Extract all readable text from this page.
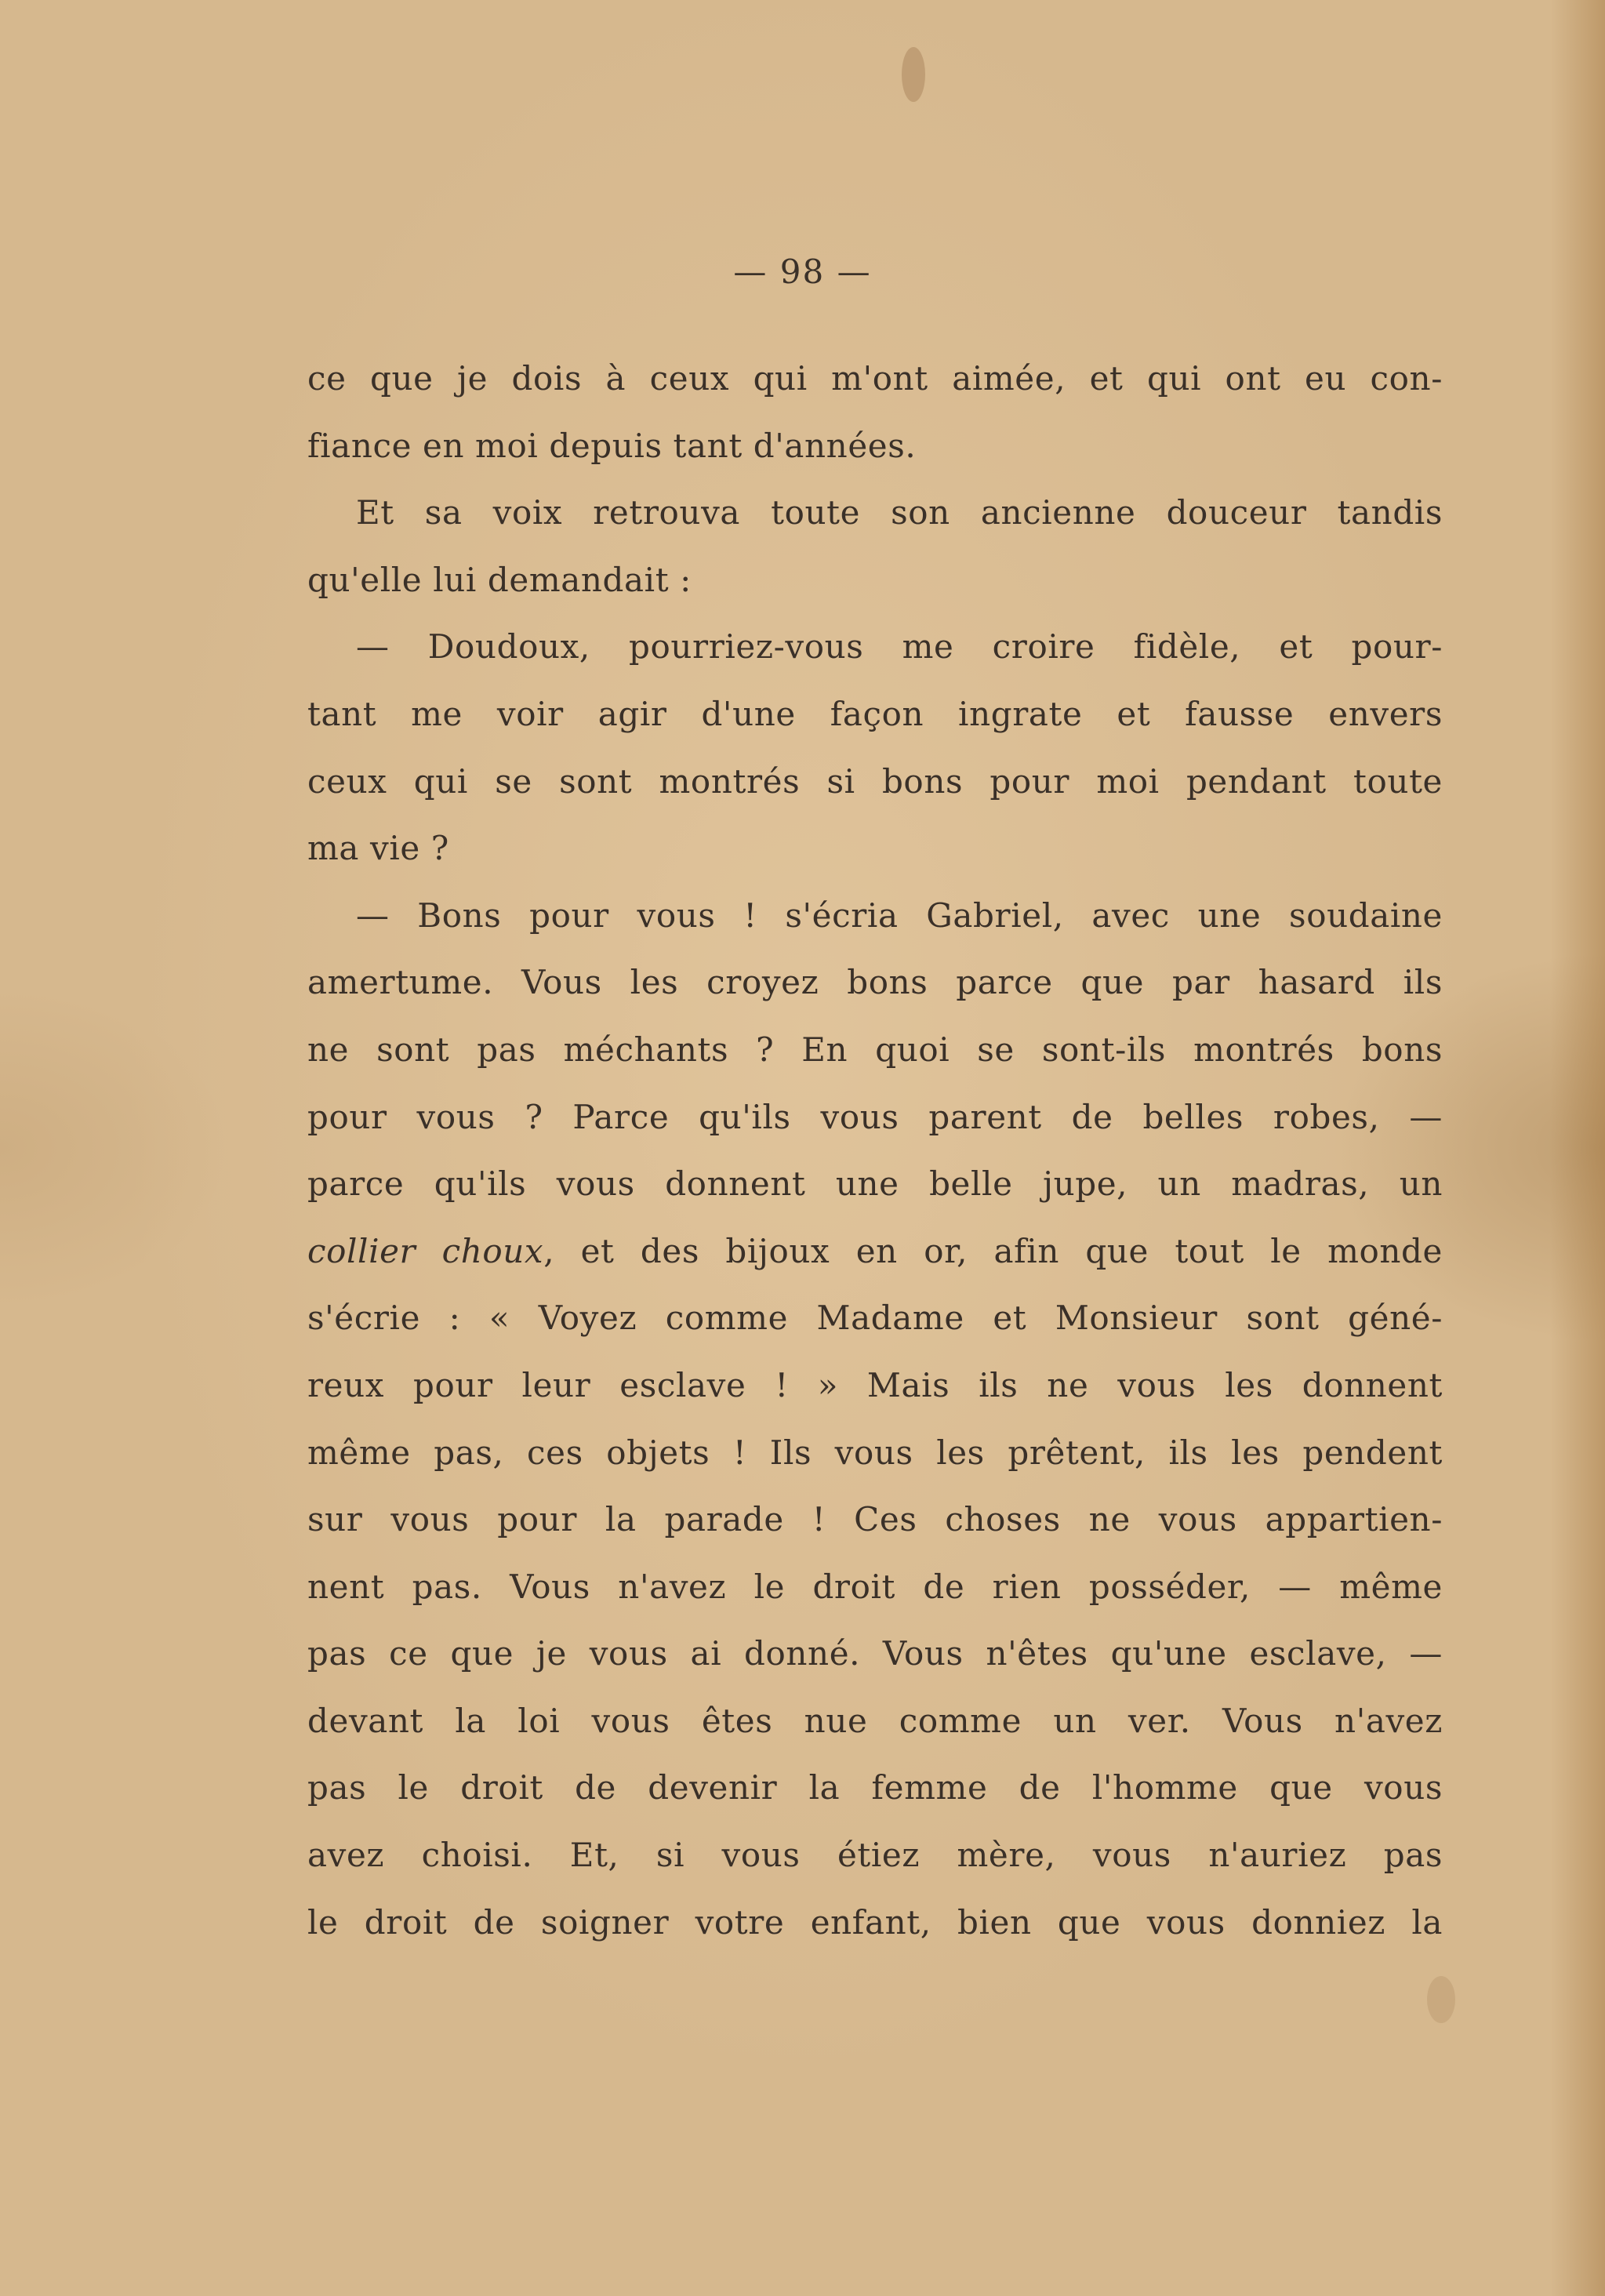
— 98 —
ce que je dois à ceux qui m'ont aimée, et qui ont eu con-
fiance en moi depuis tant d'années.
Et sa voix retrouva toute son ancienne douceur tandis
qu'elle lui demandait :
— Doudoux, pourriez-vous me croire fidèle, et pour-
tant me voir agir d'une façon ingrate et fausse envers
ceux qui se sont montrés si bons pour moi pendant toute
ma vie ?
— Bons pour vous ! s'écria Gabriel, avec une soudaine
amertume. Vous les croyez bons parce que par hasard ils
ne sont pas méchants ? En quoi se sont-ils montrés bons
pour vous ? Parce qu'ils vous parent de belles robes, —
parce qu'ils vous donnent une belle jupe, un madras, un
collier choux, et des bijoux en or, afin que tout le monde
s'écrie : « Voyez comme Madame et Monsieur sont géné-
reux pour leur esclave ! » Mais ils ne vous les donnent
même pas, ces objets ! Ils vous les prêtent, ils les pendent
sur vous pour la parade ! Ces choses ne vous appartien-
nent pas. Vous n'avez le droit de rien posséder, — même
pas ce que je vous ai donné. Vous n'êtes qu'une esclave, —
devant la loi vous êtes nue comme un ver. Vous n'avez
pas le droit de devenir la femme de l'homme que vous
avez choisi. Et, si vous étiez mère, vous n'auriez pas
le droit de soigner votre enfant, bien que vous donniez la
